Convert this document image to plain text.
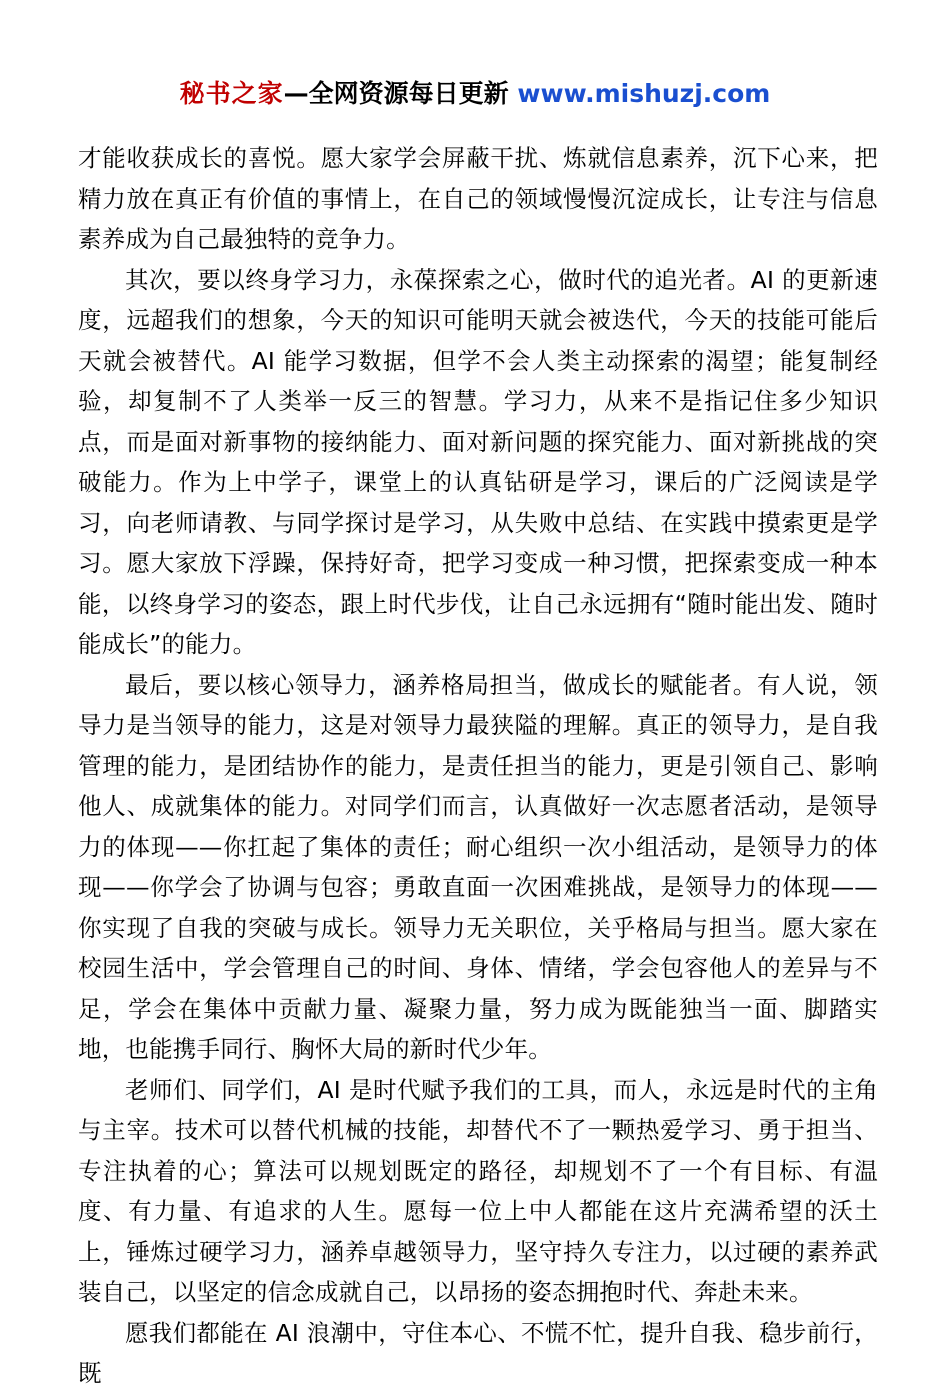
秘书之家—全网资源每日更新 www.mishuzj.com

才能收获成长的喜悦。愿大家学会屏蔽干扰、炼就信息素养，沉下心来，把精力放在真正有价值的事情上，在自己的领域慢慢沉淀成长，让专注与信息素养成为自己最独特的竞争力。

其次，要以终身学习力，永葆探索之心，做时代的追光者。AI 的更新速度，远超我们的想象，今天的知识可能明天就会被迭代，今天的技能可能后天就会被替代。AI 能学习数据，但学不会人类主动探索的渴望；能复制经验，却复制不了人类举一反三的智慧。学习力，从来不是指记住多少知识点，而是面对新事物的接纳能力、面对新问题的探究能力、面对新挑战的突破能力。作为上中学子，课堂上的认真钻研是学习，课后的广泛阅读是学习，向老师请教、与同学探讨是学习，从失败中总结、在实践中摸索更是学习。愿大家放下浮躁，保持好奇，把学习变成一种习惯，把探索变成一种本能，以终身学习的姿态，跟上时代步伐，让自己永远拥有“随时能出发、随时能成长”的能力。

最后，要以核心领导力，涵养格局担当，做成长的赋能者。有人说，领导力是当领导的能力，这是对领导力最狭隘的理解。真正的领导力，是自我管理的能力，是团结协作的能力，是责任担当的能力，更是引领自己、影响他人、成就集体的能力。对同学们而言，认真做好一次志愿者活动，是领导力的体现——你扛起了集体的责任；耐心组织一次小组活动，是领导力的体现——你学会了协调与包容；勇敢直面一次困难挑战，是领导力的体现——你实现了自我的突破与成长。领导力无关职位，关乎格局与担当。愿大家在校园生活中，学会管理自己的时间、身体、情绪，学会包容他人的差异与不足，学会在集体中贡献力量、凝聚力量，努力成为既能独当一面、脚踏实地，也能携手同行、胸怀大局的新时代少年。

老师们、同学们，AI 是时代赋予我们的工具，而人，永远是时代的主角与主宰。技术可以替代机械的技能，却替代不了一颗热爱学习、勇于担当、专注执着的心；算法可以规划既定的路径，却规划不了一个有目标、有温度、有力量、有追求的人生。愿每一位上中人都能在这片充满希望的沃土上，锤炼过硬学习力，涵养卓越领导力，坚守持久专注力，以过硬的素养武装自己，以坚定的信念成就自己，以昂扬的姿态拥抱时代、奔赴未来。

愿我们都能在 AI 浪潮中，守住本心、不慌不忙，提升自我、稳步前行，既
